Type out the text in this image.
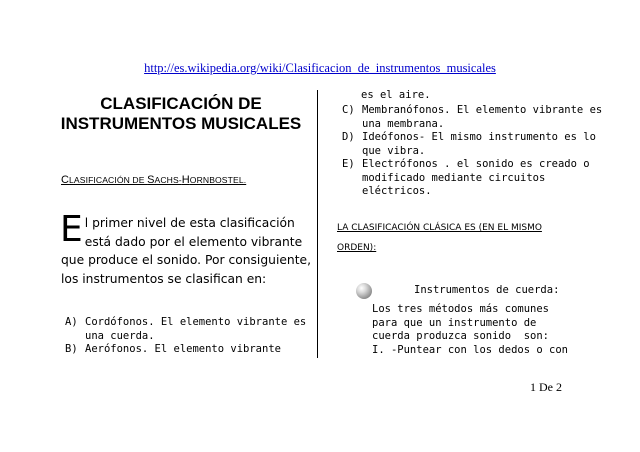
http://es.wikipedia.org/wiki/Clasificacion_de_instrumentos_musicales
CLASIFICACIÓN DE
INSTRUMENTOS MUSICALES
CLASIFICACIÓN DE SACHS-HORNBOSTEL.
El primer nivel de esta clasificación está dado por el elemento vibrante que produce el sonido. Por consiguiente, los instrumentos se clasifican en:
A) Cordófonos. El elemento vibrante es una cuerda.
B) Aerófonos. El elemento vibrante
es el aire.
C) Membranófonos. El elemento vibrante es una membrana.
D) Ideófonos- El mismo instrumento es lo que vibra.
E) Electrófonos . el sonido es creado o modificado mediante circuitos eléctricos.
LA CLASIFICACIÓN CLÁSICA ES (EN EL MISMO ORDEN):
Instrumentos de cuerda:
Los tres métodos más comunes
para que un instrumento de
cuerda produzca sonido  son:
I. -Puntear con los dedos o con
1 De 2
